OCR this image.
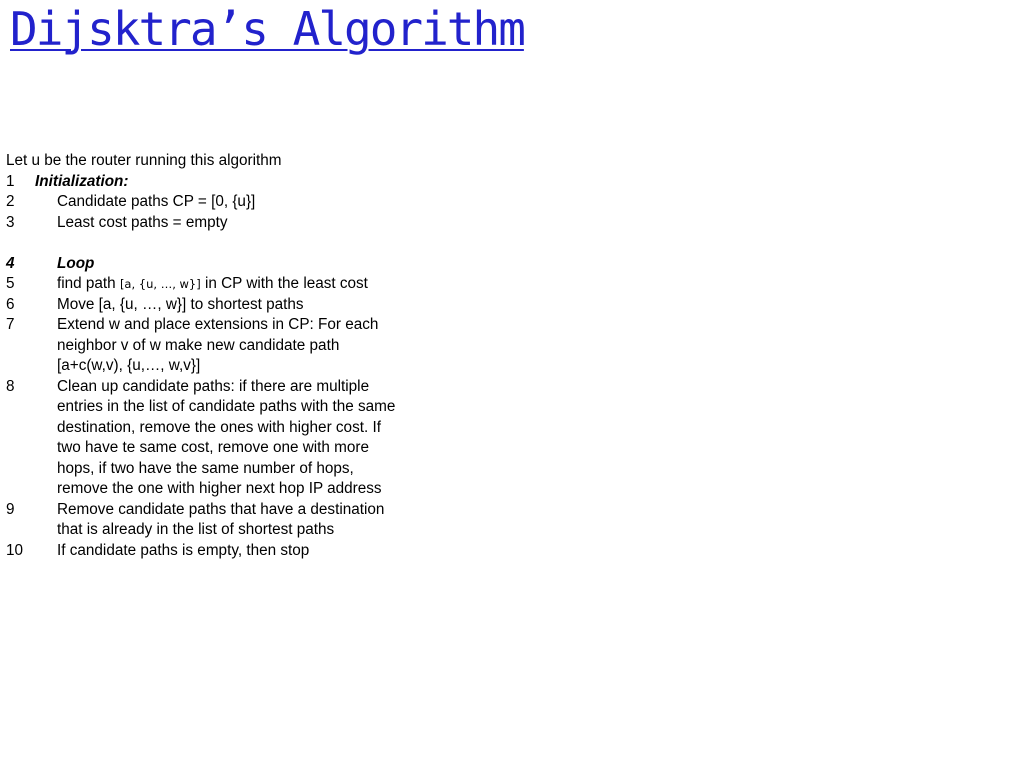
Dijsktra’s Algorithm
Let u be the router running this algorithm
1	Initialization:
2	Candidate paths CP = [0, {u}]
3	Least cost paths = empty
4	Loop
5	find path [a, {u, …, w}] in CP with the least cost
6	Move [a, {u, …, w}] to shortest paths
7	Extend w and place extensions in CP: For each neighbor v of w make new candidate path [a+c(w,v), {u,…, w,v}]
8	Clean up candidate paths: if there are multiple entries in the list of candidate paths with the same destination, remove the ones with higher cost. If two have te same cost, remove one with more hops, if two have the same number of hops, remove the one with higher next hop IP address
9	Remove candidate paths that have a destination that is already in the list of shortest paths
10	If candidate paths is empty, then stop
